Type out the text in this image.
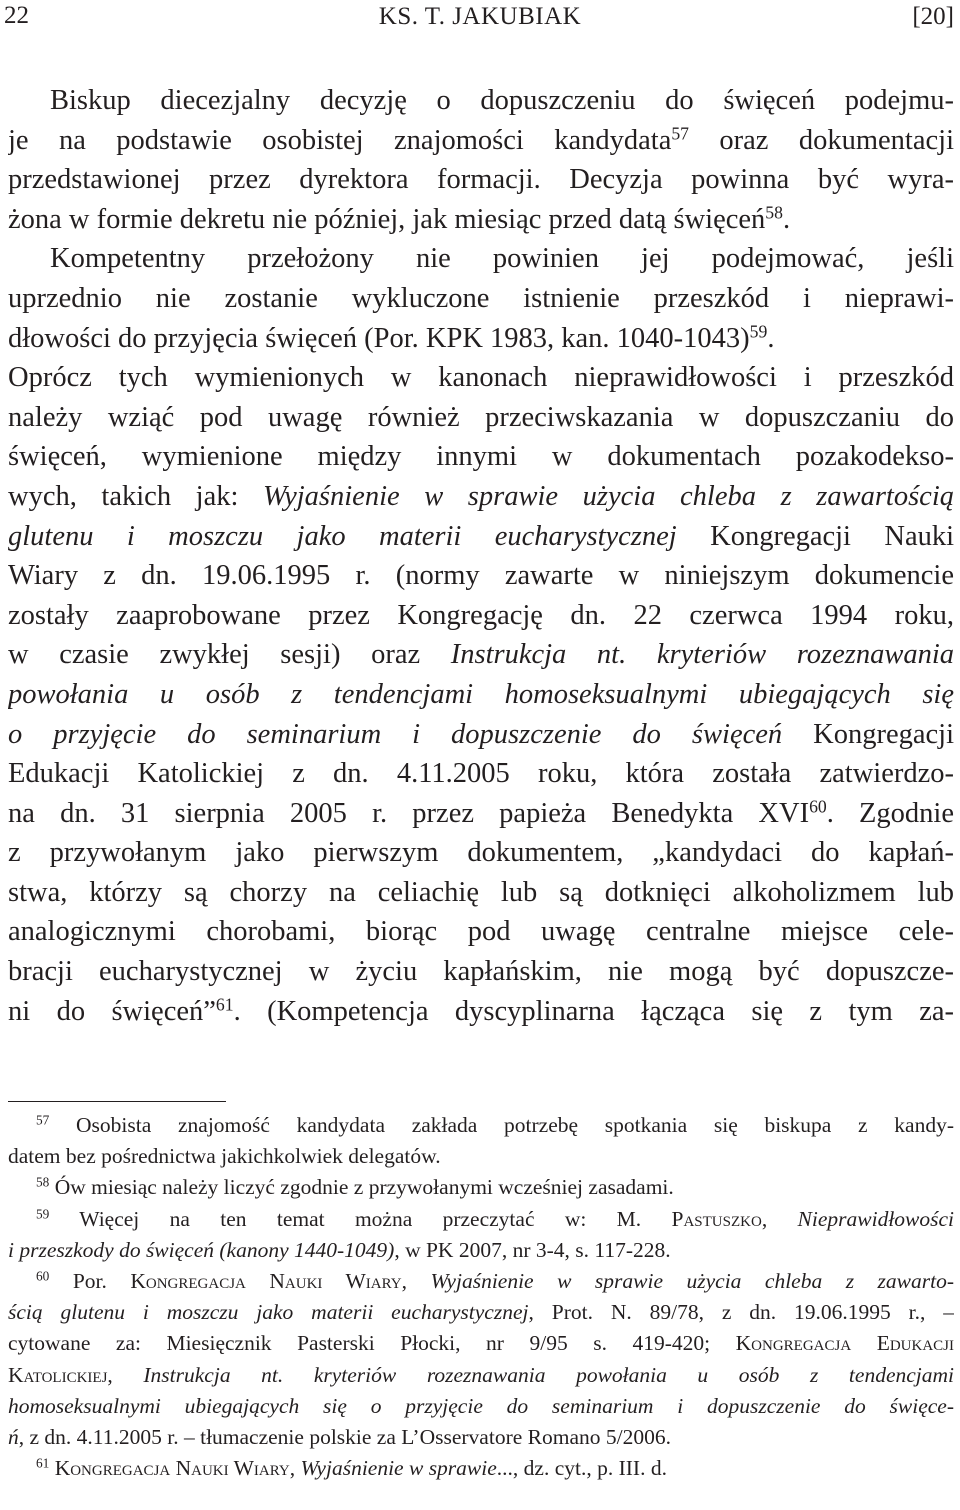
22	KS. T. JAKUBIAK	[20]
Biskup diecezjalny decyzję o dopuszczeniu do święceń podejmu-
je na podstawie osobistej znajomości kandydata$^{57}$ oraz dokumentacji
przedstawionej przez dyrektora formacji. Decyzja powinna być wyra-
żona w formie dekretu nie później, jak miesiąc przed datą święceń$^{58}$.
Kompetentny przełożony nie powinien jej podejmować, jeśli
uprzednio nie zostanie wykluczone istnienie przeszkód i nieprawi-
dłowości do przyjęcia święceń (Por. KPK 1983, kan. 1040-1043)$^{59}$.
Oprócz tych wymienionych w kanonach nieprawidłowości i przeszkód
należy wziąć pod uwagę również przeciwskazania w dopuszczaniu do
święceń, wymienione między innymi w dokumentach pozakodekso-
wych, takich jak: Wyjaśnienie w sprawie użycia chleba z zawartością
glutenu i moszczu jako materii eucharystycznej Kongregacji Nauki
Wiary z dn. 19.06.1995 r. (normy zawarte w niniejszym dokumencie
zostały zaaprobowane przez Kongregację dn. 22 czerwca 1994 roku,
w czasie zwykłej sesji) oraz Instrukcja nt. kryteriów rozeznawania
powołania u osób z tendencjami homoseksualnymi ubiegających się
o przyjęcie do seminarium i dopuszczenie do święceń Kongregacji
Edukacji Katolickiej z dn. 4.11.2005 roku, która została zatwierdzo-
na dn. 31 sierpnia 2005 r. przez papieża Benedykta XVI$^{60}$. Zgodnie
z przywołanym jako pierwszym dokumentem, „kandydaci do kapłań-
stwa, którzy są chorzy na celiachię lub są dotknięci alkoholizmem lub
analogicznymi chorobami, biorąc pod uwagę centralne miejsce cele-
bracji eucharystycznej w życiu kapłańskim, nie mogą być dopuszcze-
ni do święceń”$^{61}$. (Kompetencja dyscyplinarna łącząca się z tym za-
$^{57}$ Osobista znajomość kandydata zakłada potrzebę spotkania się biskupa z kandy-
datem bez pośrednictwa jakichkolwiek delegatów.
$^{58}$ Ów miesiąc należy liczyć zgodnie z przywołanymi wcześniej zasadami.
$^{59}$ Więcej na ten temat można przeczytać w: M. Pastuszko, Nieprawidłowości
i przeszkody do święceń (kanony 1440-1049), w PK 2007, nr 3-4, s. 117-228.
$^{60}$ Por. Kongregacja Nauki Wiary, Wyjaśnienie w sprawie użycia chleba z zawarto-
ścią glutenu i moszczu jako materii eucharystycznej, Prot. N. 89/78, z dn. 19.06.1995 r., –
cytowane za: Miesięcznik Pasterski Płocki, nr 9/95 s. 419-420; Kongregacja Edukacji
Katolickiej, Instrukcja nt. kryteriów rozeznawania powołania u osób z tendencjami
homoseksualnymi ubiegających się o przyjęcie do seminarium i dopuszczenie do święce-
ń, z dn. 4.11.2005 r. – tłumaczenie polskie za L’Osservatore Romano 5/2006.
$^{61}$ Kongregacja Nauki Wiary, Wyjaśnienie w sprawie..., dz. cyt., p. III. d.
